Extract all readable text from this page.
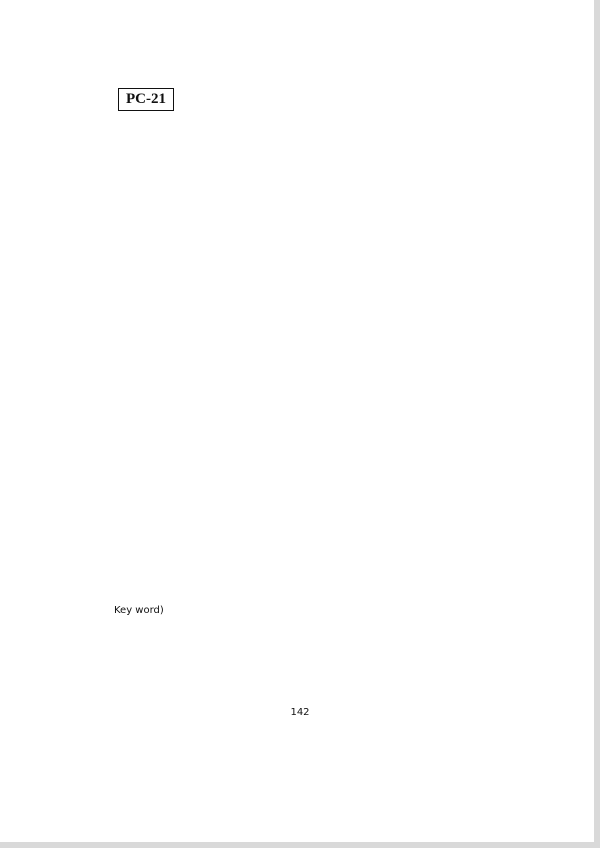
PC-21
Key word)
142
